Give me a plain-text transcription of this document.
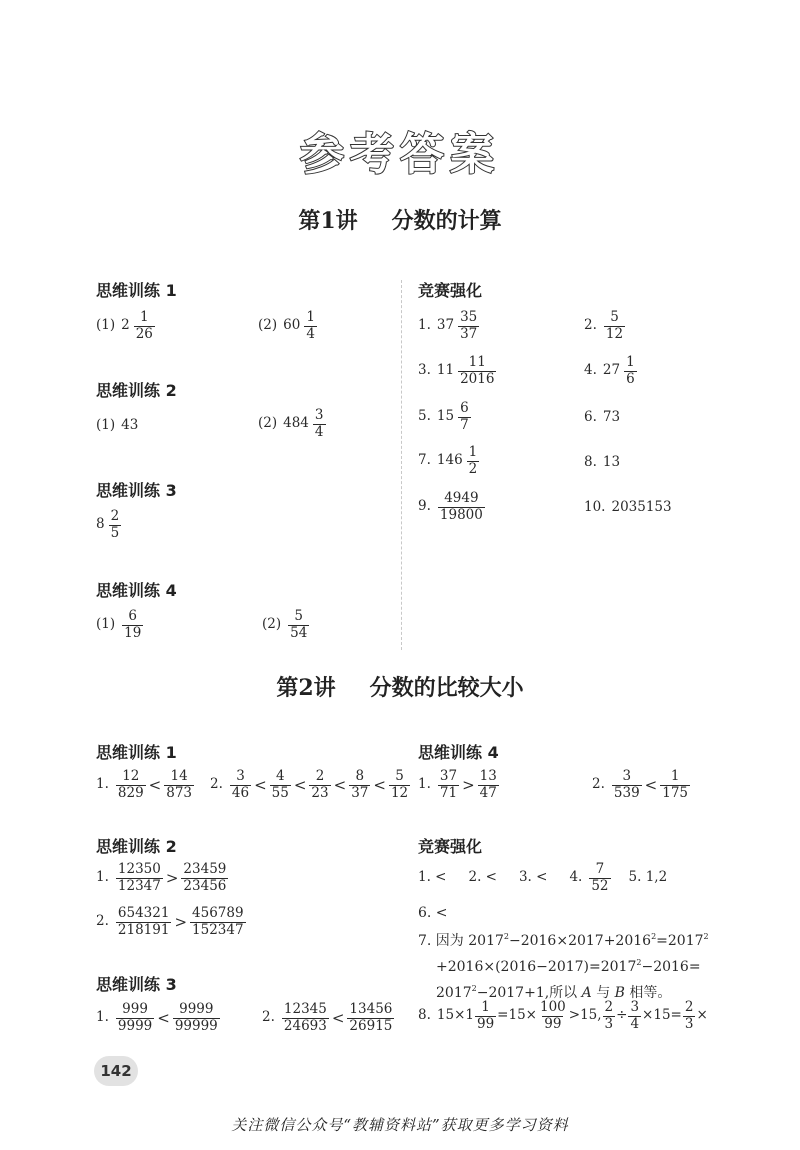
参考答案
第1讲 分数的计算
思维训练 1
(1) $2 \frac{1}{26}$	(2) $60 \frac{1}{4}$
思维训练 2
(1) 43	(2) $484 \frac{3}{4}$
思维训练 3
$8 \frac{2}{5}$
思维训练 4
$(1) \frac{6}{19}$	$(2) \frac{5}{54}$
竞赛强化
1. $37 \frac{35}{37}$	2. $\frac{5}{12}$
3. $11 \frac{11}{2016}$	4. $27 \frac{1}{6}$
5. $15 \frac{6}{7}$	6. 73
7. $146 \frac{1}{2}$	8. 13
9. $\frac{4949}{19800}$	10. 2035153
第2讲 分数的比较大小
思维训练 1
1. $\frac{12}{829} < \frac{14}{873} 2$. $\frac{3}{46} < \frac{4}{55} < \frac{2}{23} < \frac{8}{37} < \frac{5}{12}$
思维训练 2
1. $\frac{12350}{12347} > \frac{23459}{23456}$
2. $\frac{654321}{218191} > \frac{456789}{152347}$
思维训练 3
1. $\frac{999}{9999} < \frac{9999}{99999}$	2. $\frac{12345}{24693} < \frac{13456}{26915}$
思维训练 4
1. $\frac{37}{71} > \frac{13}{47}$	2. $\frac{3}{539} < \frac{1}{175}$
竞赛强化
1. < 2. < 3. < 4. $\frac{7}{52} 5$. 1,2
6. <
7. 因为 $2017^2-2016\times 2017+2016^2=2017^2$
$+2016\times(2016-2017)=2017^2-2016=$
$2017^2-2017+1$,所以 A 与 B 相等。
8. $15\times 1 \frac{1}{99} =15\times \frac{100}{99} >15$, $\frac{2}{3} \div \frac{3}{4} \times 15= \frac{2}{3}$ ×
142
关注微信公众号“教辅资料站”获取更多学习资料
